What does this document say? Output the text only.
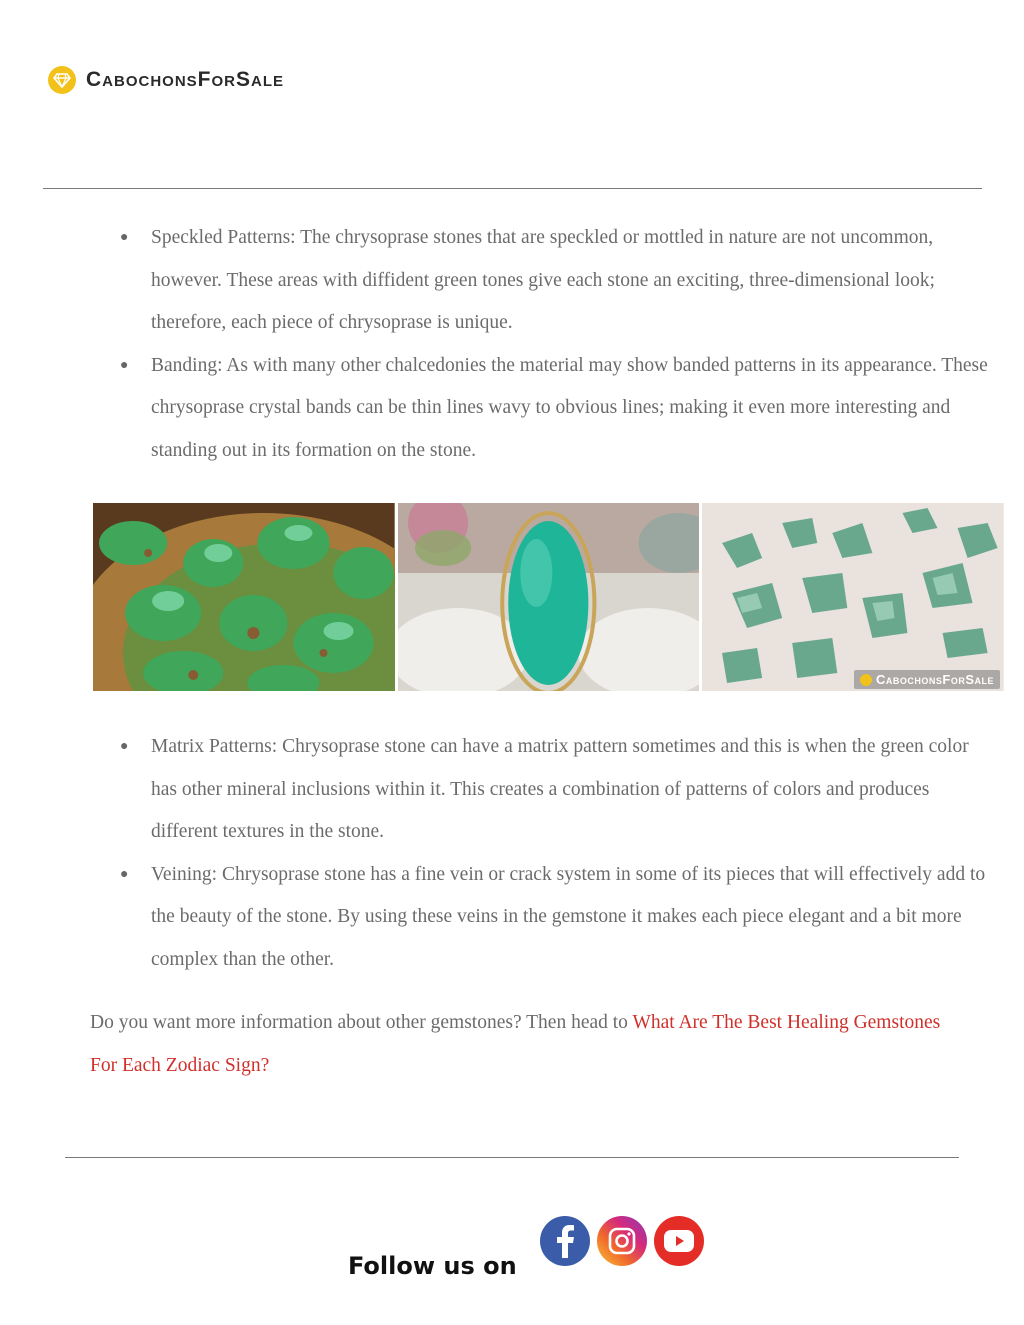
CabochonsForSale
● Speckled Patterns: The chrysoprase stones that are speckled or mottled in nature are not uncommon, however. These areas with diffident green tones give each stone an exciting, three-dimensional look; therefore, each piece of chrysoprase is unique.
● Banding: As with many other chalcedonies the material may show banded patterns in its appearance. These chrysoprase crystal bands can be thin lines wavy to obvious lines; making it even more interesting and standing out in its formation on the stone.
CabochonsForSale
● Matrix Patterns: Chrysoprase stone can have a matrix pattern sometimes and this is when the green color has other mineral inclusions within it. This creates a combination of patterns of colors and produces different textures in the stone.
● Veining: Chrysoprase stone has a fine vein or crack system in some of its pieces that will effectively add to the beauty of the stone. By using these veins in the gemstone it makes each piece elegant and a bit more complex than the other.
Do you want more information about other gemstones? Then head to What Are The Best Healing Gemstones For Each Zodiac Sign?
Follow us on
